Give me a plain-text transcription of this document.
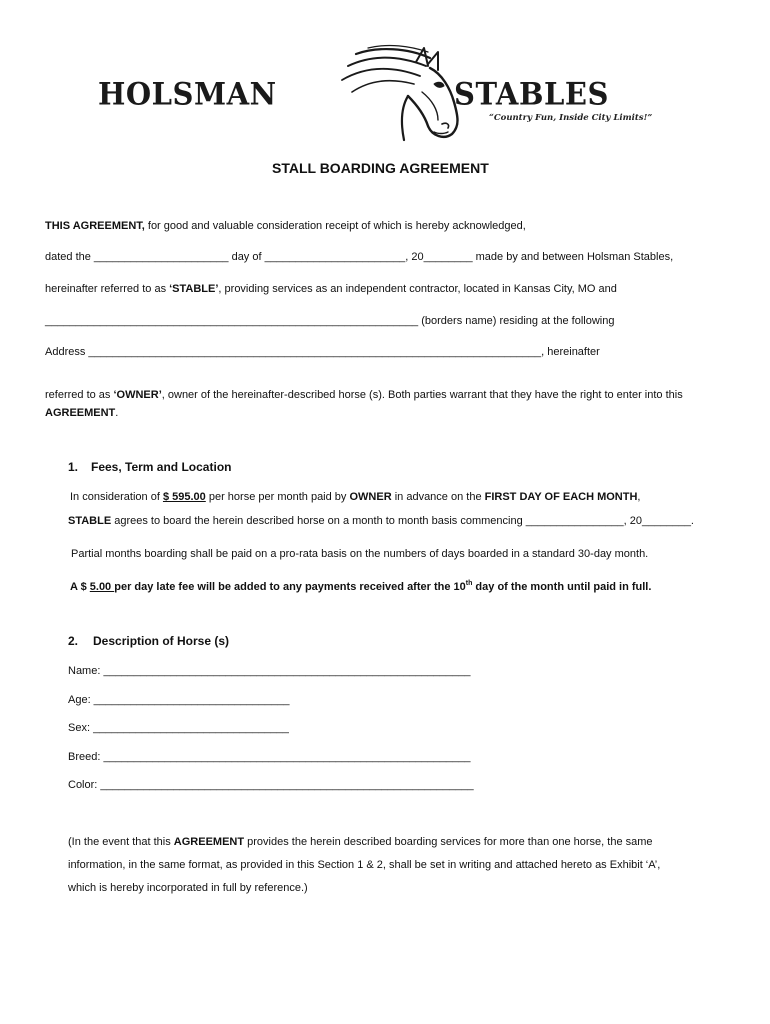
HOLSMAN	STABLES
“Country Fun, Inside City Limits!”
STALL BOARDING AGREEMENT
THIS AGREEMENT, for good and valuable consideration receipt of which is hereby acknowledged,
dated the ______________________ day of _______________________, 20________ made by and between Holsman Stables,
hereinafter referred to as ‘STABLE’, providing services as an independent contractor, located in Kansas City, MO and
_____________________________________________________________ (borders name) residing at the following
Address __________________________________________________________________________, hereinafter
referred to as ‘OWNER’, owner of the hereinafter-described horse (s). Both parties warrant that they have the right to enter into this
AGREEMENT.
1. Fees, Term and Location
In consideration of $ 595.00 per horse per month paid by OWNER in advance on the FIRST DAY OF EACH MONTH,
STABLE agrees to board the herein described horse on a month to month basis commencing ________________, 20________.
Partial months boarding shall be paid on a pro-rata basis on the numbers of days boarded in a standard 30-day month.
A $ 5.00 per day late fee will be added to any payments received after the 10th day of the month until paid in full.
2. Description of Horse (s)
Name: ____________________________________________________________
Age: ________________________________
Sex: ________________________________
Breed: ____________________________________________________________
Color: _____________________________________________________________
(In the event that this AGREEMENT provides the herein described boarding services for more than one horse, the same
information, in the same format, as provided in this Section 1 & 2, shall be set in writing and attached hereto as Exhibit ‘A’,
which is hereby incorporated in full by reference.)
